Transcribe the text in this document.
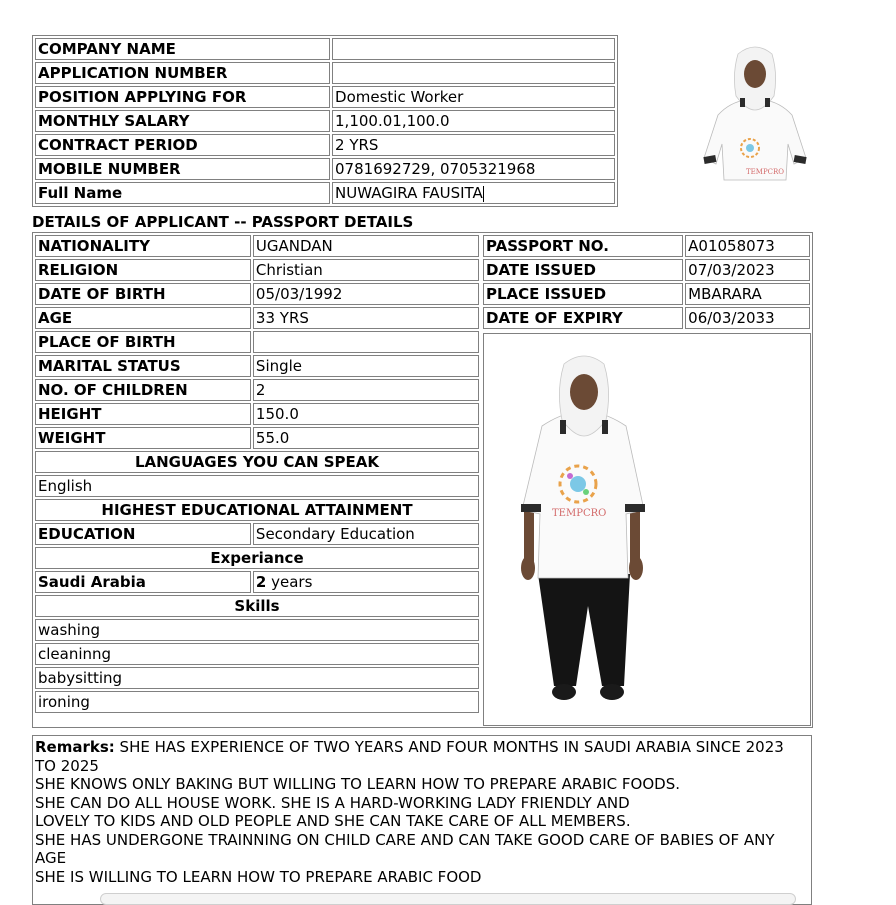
COMPANY NAME	
APPLICATION NUMBER	
POSITION APPLYING FOR	Domestic Worker
MONTHLY SALARY	1,100.01,100.0
CONTRACT PERIOD	2 YRS
MOBILE NUMBER	0781692729, 0705321968
Full Name	NUWAGIRA FAUSITA
TEMPCRO
DETAILS OF APPLICANT -- PASSPORT DETAILS
NATIONALITY	UGANDAN
RELIGION	Christian
DATE OF BIRTH	05/03/1992
AGE	33 YRS
PLACE OF BIRTH	
MARITAL STATUS	Single
NO. OF CHILDREN	2
HEIGHT	150.0
WEIGHT	55.0
LANGUAGES YOU CAN SPEAK	
English	
HIGHEST EDUCATIONAL ATTAINMENT	
EDUCATION	Secondary Education
Experiance	
Saudi Arabia	2 years
Skills	
washing	
cleaninng	
babysitting	
ironing	
PASSPORT NO.	A01058073
DATE ISSUED	07/03/2023
PLACE ISSUED	MBARARA
DATE OF EXPIRY	06/03/2033
TEMPCRO

Remarks: SHE HAS EXPERIENCE OF TWO YEARS AND FOUR MONTHS IN SAUDI ARABIA SINCE 2023 TO 2025

SHE KNOWS ONLY BAKING BUT WILLING TO LEARN HOW TO PREPARE ARABIC FOODS.

SHE CAN DO ALL HOUSE WORK. SHE IS A HARD-WORKING LADY FRIENDLY AND

LOVELY TO KIDS AND OLD PEOPLE AND SHE CAN TAKE CARE OF ALL MEMBERS.

SHE HAS UNDERGONE TRAINNING ON CHILD CARE AND CAN TAKE GOOD CARE OF BABIES OF ANY AGE

SHE IS WILLING TO LEARN HOW TO PREPARE ARABIC FOOD
